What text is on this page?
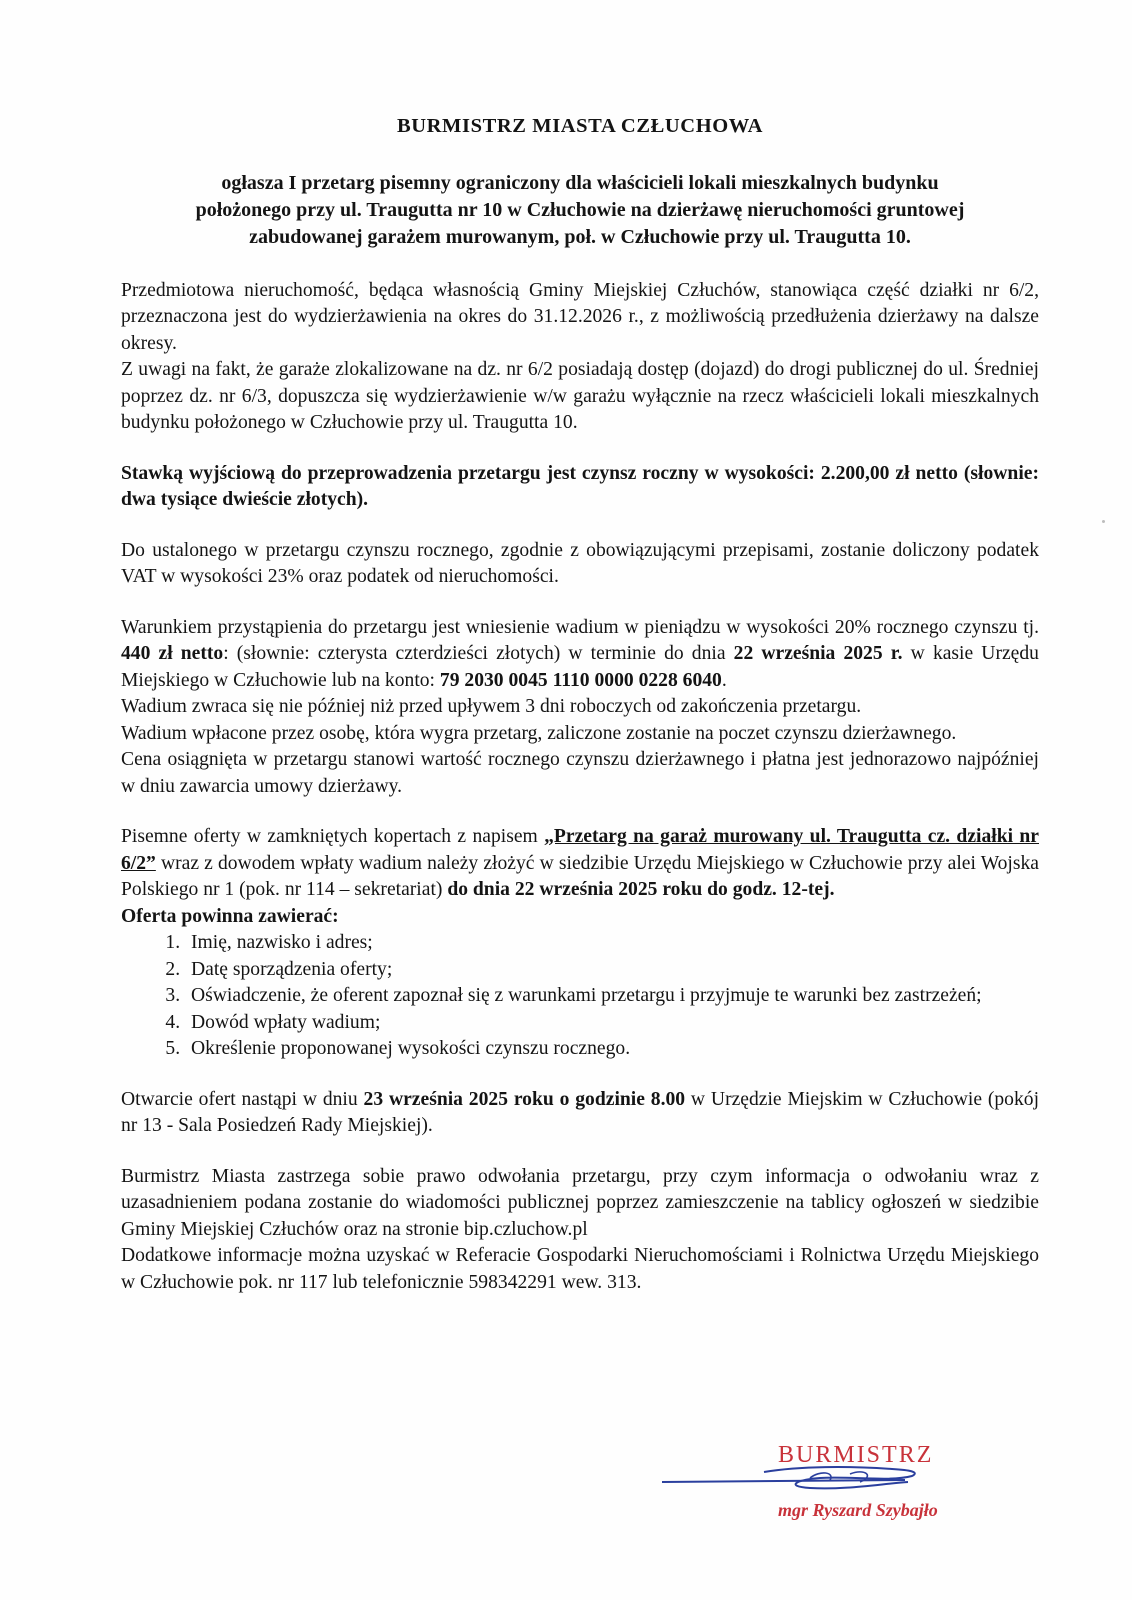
BURMISTRZ MIASTA CZŁUCHOWA
ogłasza I przetarg pisemny ograniczony dla właścicieli lokali mieszkalnych budynku
położonego przy ul. Traugutta nr 10 w Człuchowie na dzierżawę nieruchomości gruntowej
zabudowanej garażem murowanym, poł. w Człuchowie przy ul. Traugutta 10.

Przedmiotowa nieruchomość, będąca własnością Gminy Miejskiej Człuchów, stanowiąca część działki nr 6/2, przeznaczona jest do wydzierżawienia na okres do 31.12.2026 r., z możliwością przedłużenia dzierżawy na dalsze okresy.

Z uwagi na fakt, że garaże zlokalizowane na dz. nr 6/2 posiadają dostęp (dojazd) do drogi publicznej do ul. Średniej poprzez dz. nr 6/3, dopuszcza się wydzierżawienie w/w garażu wyłącznie na rzecz właścicieli lokali mieszkalnych budynku położonego w Człuchowie przy ul. Traugutta 10.

Stawką wyjściową do przeprowadzenia przetargu jest czynsz roczny w wysokości: 2.200,00 zł netto (słownie: dwa tysiące dwieście złotych).

Do ustalonego w przetargu czynszu rocznego, zgodnie z obowiązującymi przepisami, zostanie doliczony podatek VAT w wysokości 23% oraz podatek od nieruchomości.

Warunkiem przystąpienia do przetargu jest wniesienie wadium w pieniądzu w wysokości 20% rocznego czynszu tj. 440 zł netto: (słownie: czterysta czterdzieści złotych) w terminie do dnia 22 września 2025 r. w kasie Urzędu Miejskiego w Człuchowie lub na konto: 79 2030 0045 1110 0000 0228 6040.

Wadium zwraca się nie później niż przed upływem 3 dni roboczych od zakończenia przetargu.

Wadium wpłacone przez osobę, która wygra przetarg, zaliczone zostanie na poczet czynszu dzierżawnego.

Cena osiągnięta w przetargu stanowi wartość rocznego czynszu dzierżawnego i płatna jest jednorazowo najpóźniej w dniu zawarcia umowy dzierżawy.

Pisemne oferty w zamkniętych kopertach z napisem „Przetarg na garaż murowany ul. Traugutta cz. działki nr 6/2” wraz z dowodem wpłaty wadium należy złożyć w siedzibie Urzędu Miejskiego w Człuchowie przy alei Wojska Polskiego nr 1 (pok. nr 114 – sekretariat) do dnia 22 września 2025 roku do godz. 12-tej.

Oferta powinna zawierać:

1. Imię, nazwisko i adres;
2. Datę sporządzenia oferty;
3. Oświadczenie, że oferent zapoznał się z warunkami przetargu i przyjmuje te warunki bez zastrzeżeń;
4. Dowód wpłaty wadium;
5. Określenie proponowanej wysokości czynszu rocznego.

Otwarcie ofert nastąpi w dniu 23 września 2025 roku o godzinie 8.00 w Urzędzie Miejskim w Człuchowie (pokój nr 13 - Sala Posiedzeń Rady Miejskiej).

Burmistrz Miasta zastrzega sobie prawo odwołania przetargu, przy czym informacja o odwołaniu wraz z uzasadnieniem podana zostanie do wiadomości publicznej poprzez zamieszczenie na tablicy ogłoszeń w siedzibie Gminy Miejskiej Człuchów oraz na stronie bip.czluchow.pl

Dodatkowe informacje można uzyskać w Referacie Gospodarki Nieruchomościami i Rolnictwa Urzędu Miejskiego w Człuchowie pok. nr 117 lub telefonicznie 598342291 wew. 313.

BURMISTRZ
mgr Ryszard Szybajło
